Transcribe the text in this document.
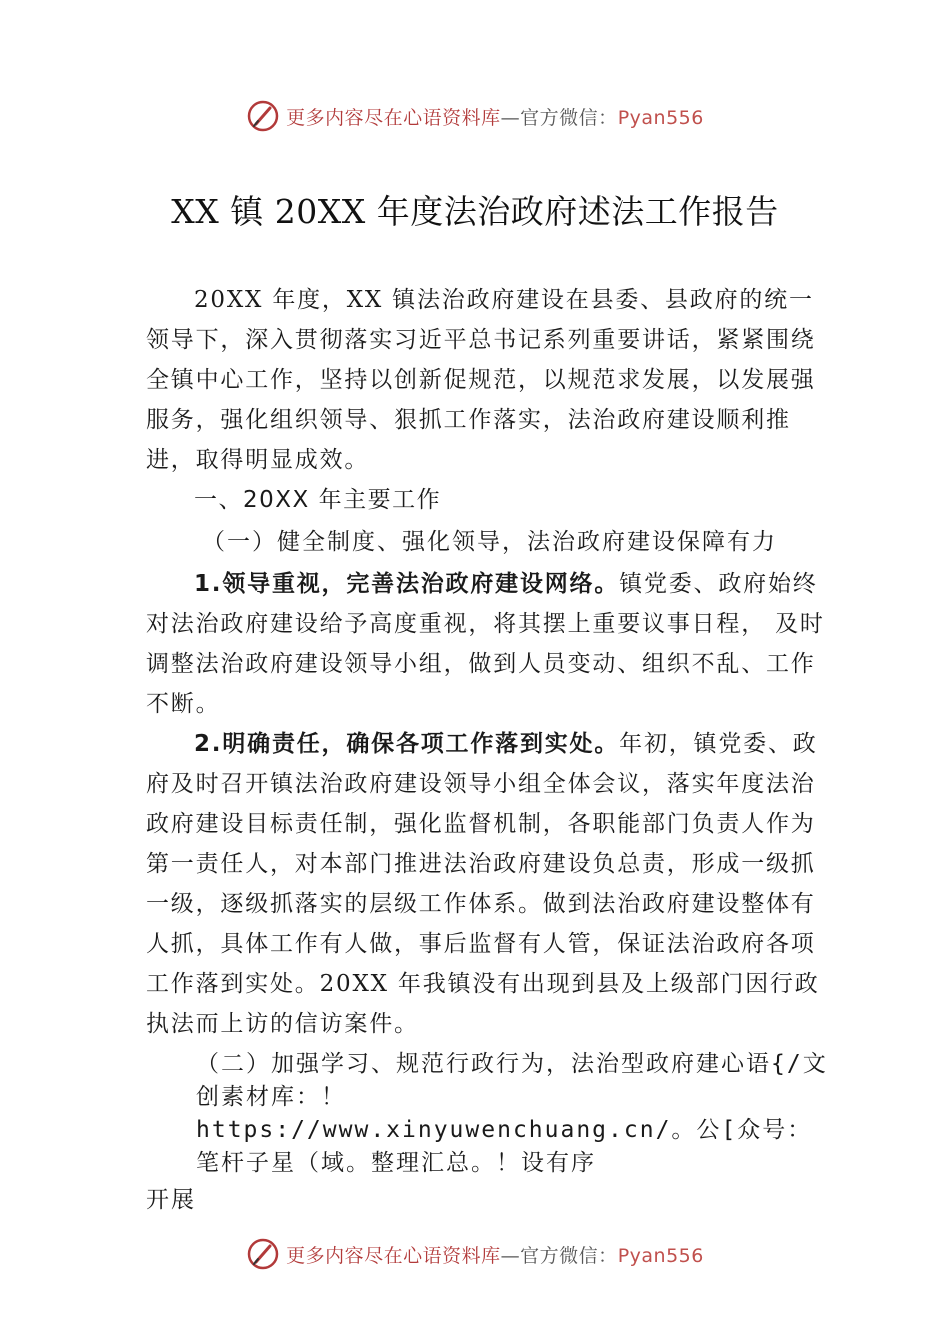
更多内容尽在心语资料库—官方微信：Pyan556
XX 镇 20XX 年度法治政府述法工作报告

20XX 年度，XX 镇法治政府建设在县委、县政府的统一领导下，深入贯彻落实习近平总书记系列重要讲话，紧紧围绕全镇中心工作，坚持以创新促规范，以规范求发展，以发展强服务，强化组织领导、狠抓工作落实，法治政府建设顺利推进，取得明显成效。

一、20XX 年主要工作
（一）健全制度、强化领导，法治政府建设保障有力

1.领导重视，完善法治政府建设网络。镇党委、政府始终对法治政府建设给予高度重视，将其摆上重要议事日程， 及时调整法治政府建设领导小组，做到人员变动、组织不乱、工作不断。

2.明确责任，确保各项工作落到实处。年初，镇党委、政府及时召开镇法治政府建设领导小组全体会议，落实年度法治政府建设目标责任制，强化监督机制，各职能部门负责人作为第一责任人，对本部门推进法治政府建设负总责，形成一级抓一级，逐级抓落实的层级工作体系。做到法治政府建设整体有人抓，具体工作有人做，事后监督有人管，保证法治政府各项工作落到实处。20XX 年我镇没有出现到县及上级部门因行政执法而上访的信访案件。

（二）加强学习、规范行政行为，法治型政府建心语{/文创素材库：！https://www.xinyuwenchuang.cn/。公[众号：笔杆子星（域。整理汇总。！设有序
开展
更多内容尽在心语资料库—官方微信：Pyan556
